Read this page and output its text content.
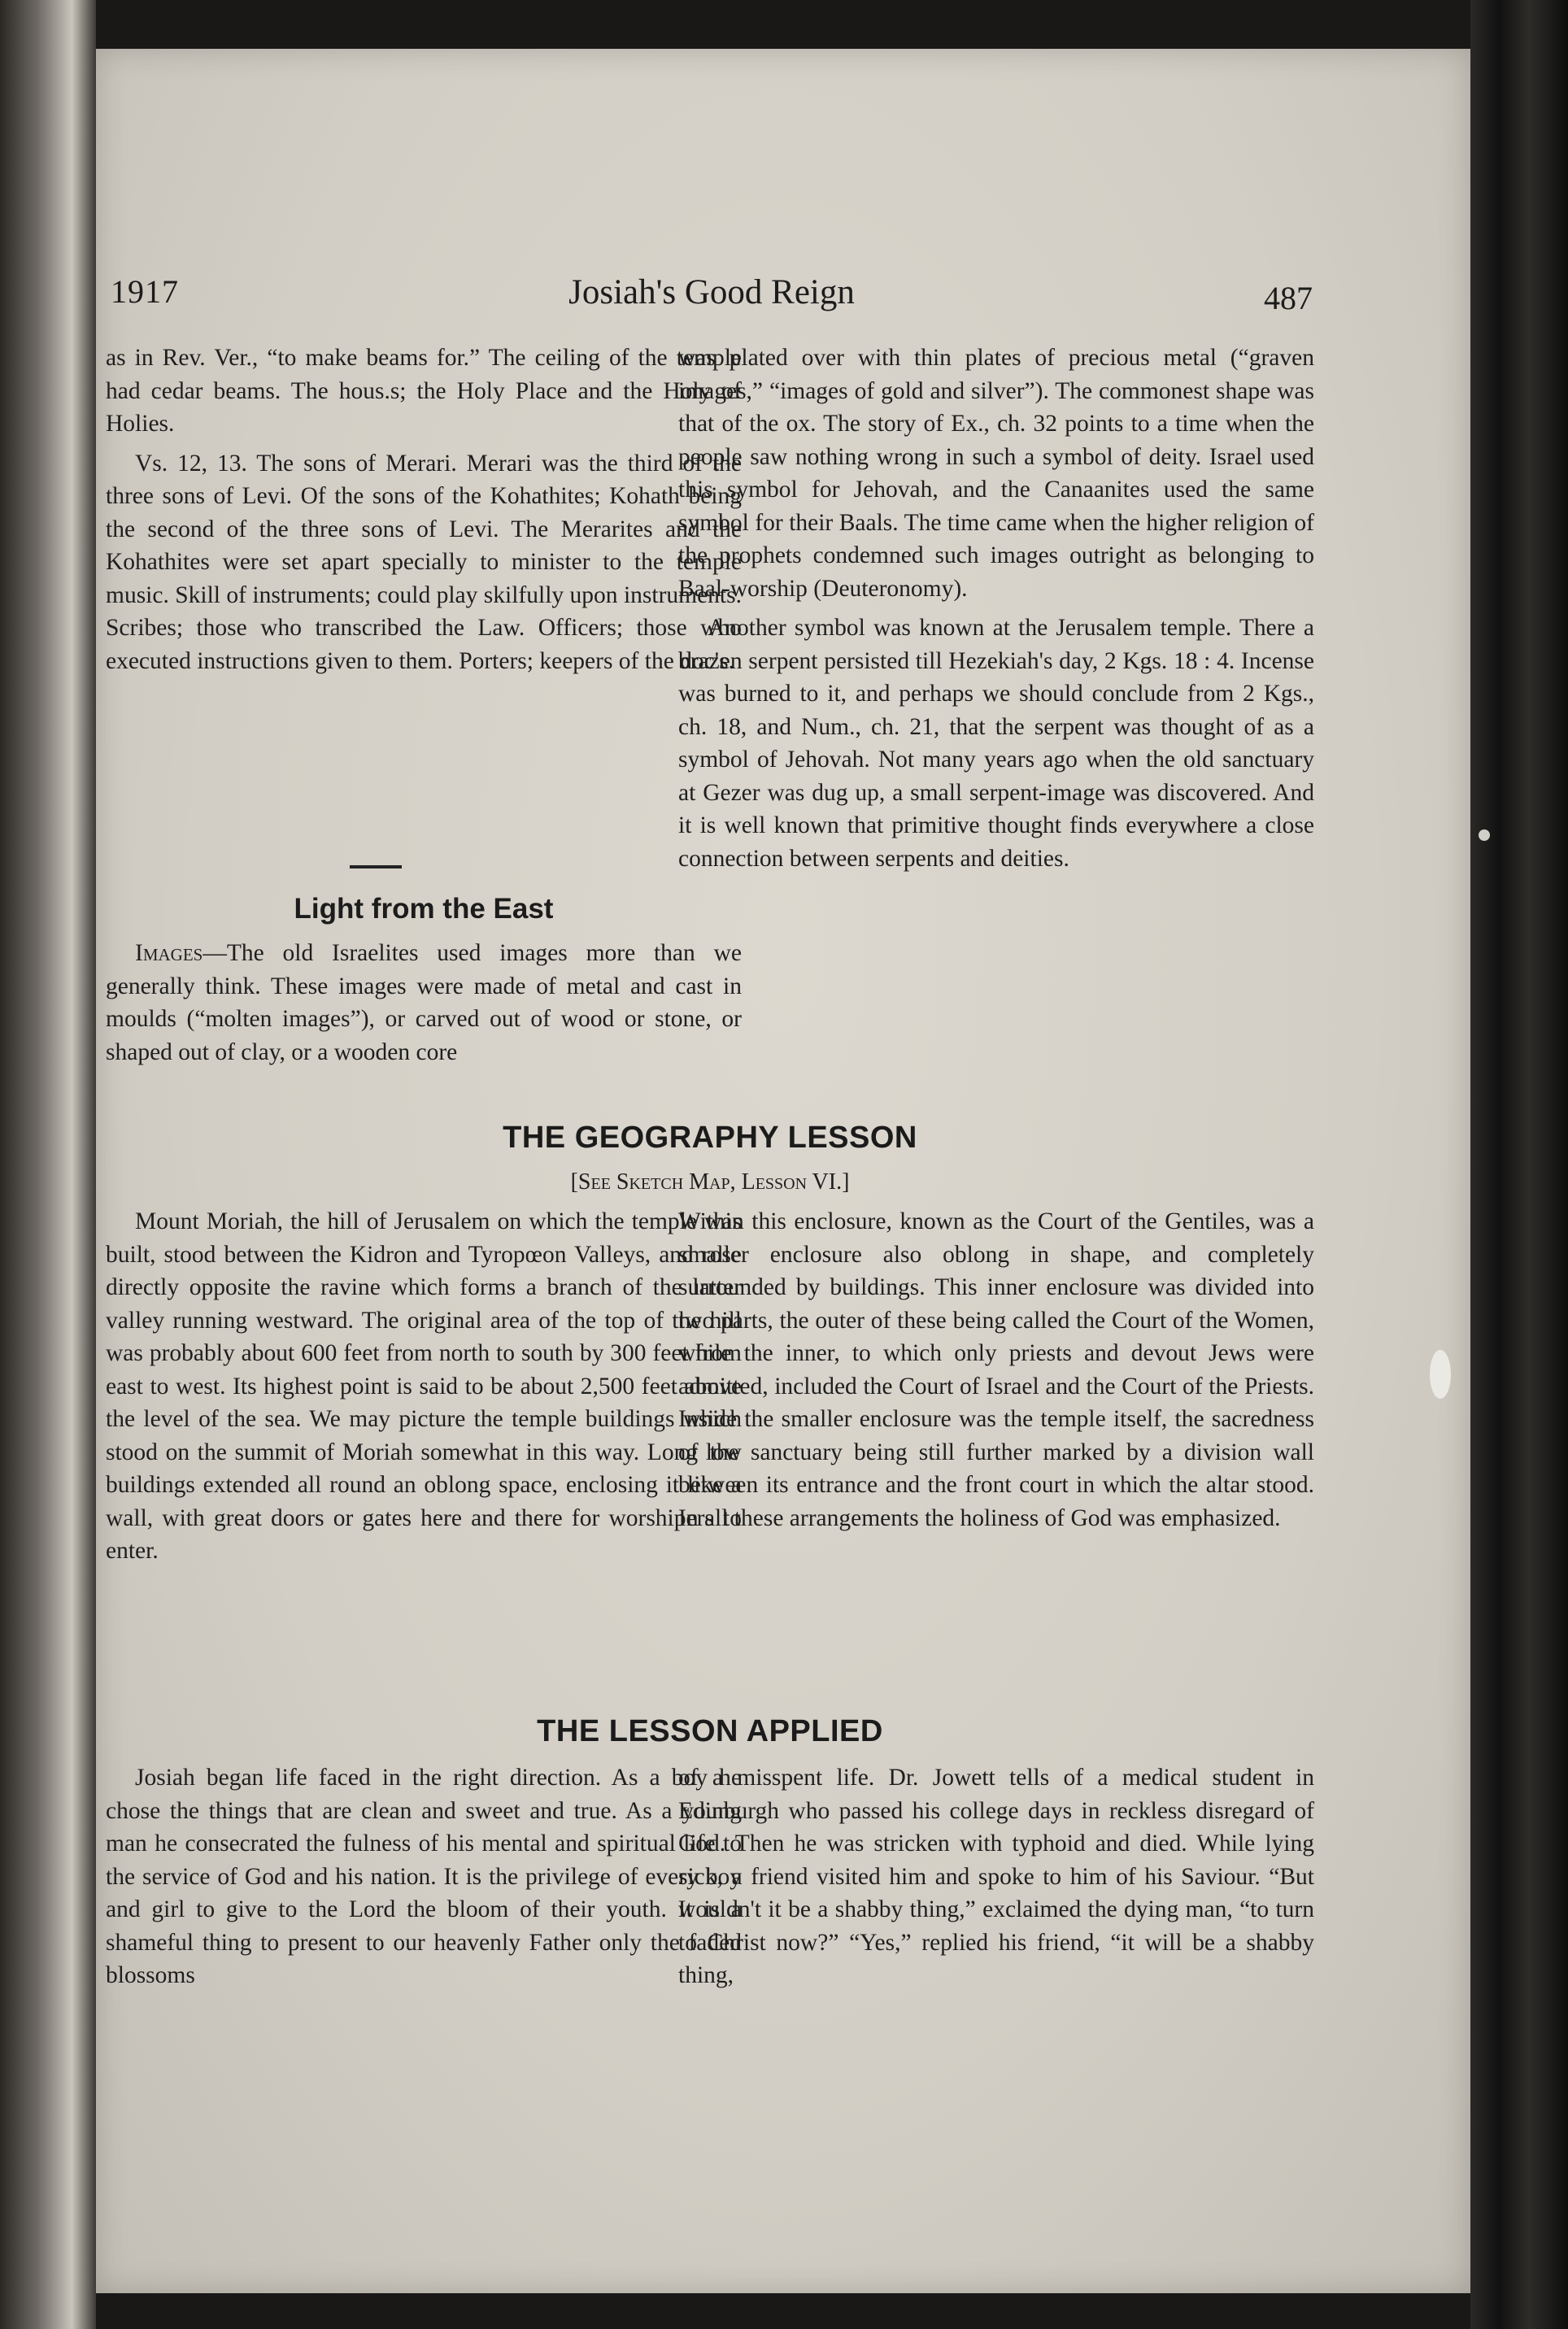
1917	Josiah's Good Reign	487

as in Rev. Ver., “to make beams for.” The ceiling of the temple had cedar beams. The hous.s; the Holy Place and the Holy of Holies.

Vs. 12, 13. The sons of Merari. Merari was the third of the three sons of Levi. Of the sons of the Kohathites; Kohath being the second of the three sons of Levi. The Merarites and the Kohathites were set apart specially to minister to the temple music. Skill of instruments; could play skilfully upon instruments. Scribes; those who transcribed the Law. Officers; those who executed instructions given to them. Porters; keepers of the doc's.

Light from the East

Images—The old Israelites used images more than we generally think. These images were made of metal and cast in moulds (“molten images”), or carved out of wood or stone, or shaped out of clay, or a wooden core

was plated over with thin plates of precious metal (“graven images,” “images of gold and silver”). The commonest shape was that of the ox. The story of Ex., ch. 32 points to a time when the people saw nothing wrong in such a symbol of deity. Israel used this symbol for Jehovah, and the Canaanites used the same symbol for their Baals. The time came when the higher religion of the prophets condemned such images outright as belonging to Baal-worship (Deuteronomy).

Another symbol was known at the Jerusalem temple. There a brazen serpent persisted till Hezekiah's day, 2 Kgs. 18 : 4. Incense was burned to it, and perhaps we should conclude from 2 Kgs., ch. 18, and Num., ch. 21, that the serpent was thought of as a symbol of Jehovah. Not many years ago when the old sanctuary at Gezer was dug up, a small serpent-image was discovered. And it is well known that primitive thought finds everywhere a close connection between serpents and deities.

THE GEOGRAPHY LESSON
[See Sketch Map, Lesson VI.]

Mount Moriah, the hill of Jerusalem on which the temple was built, stood between the Kidron and Tyropœon Valleys, and rose directly opposite the ravine which forms a branch of the latter valley running westward. The original area of the top of the hill was probably about 600 feet from north to south by 300 feet from east to west. Its highest point is said to be about 2,500 feet above the level of the sea. We may picture the temple buildings which stood on the summit of Moriah somewhat in this way. Long low buildings extended all round an oblong space, enclosing it like a wall, with great doors or gates here and there for worshipers to enter.

Within this enclosure, known as the Court of the Gentiles, was a smaller enclosure also oblong in shape, and completely surrounded by buildings. This inner enclosure was divided into two parts, the outer of these being called the Court of the Women, while the inner, to which only priests and devout Jews were admitted, included the Court of Israel and the Court of the Priests. Inside the smaller enclosure was the temple itself, the sacredness of the sanctuary being still further marked by a division wall between its entrance and the front court in which the altar stood. In all these arrangements the holiness of God was emphasized.

THE LESSON APPLIED

Josiah began life faced in the right direction. As a boy he chose the things that are clean and sweet and true. As a young man he consecrated the fulness of his mental and spiritual life to the service of God and his nation. It is the privilege of every boy and girl to give to the Lord the bloom of their youth. It is a shameful thing to present to our heavenly Father only the faded blossoms

of a misspent life. Dr. Jowett tells of a medical student in Edinburgh who passed his college days in reckless disregard of God. Then he was stricken with typhoid and died. While lying sick, a friend visited him and spoke to him of his Saviour. “But wouldn't it be a shabby thing,” exclaimed the dying man, “to turn to Christ now?” “Yes,” replied his friend, “it will be a shabby thing,
